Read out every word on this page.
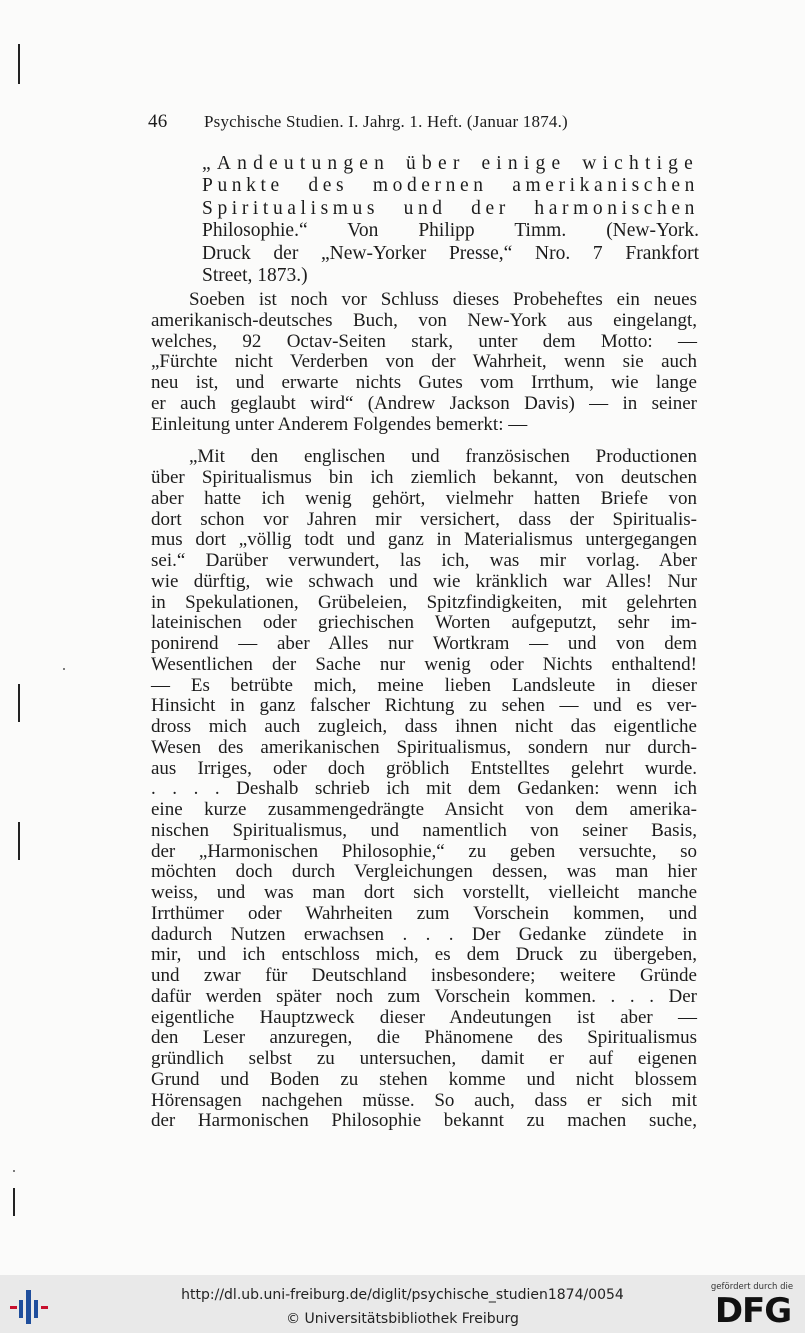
46 Psychische Studien. I. Jahrg. 1. Heft. (Januar 1874.)
„Andeutungen über einige wichtige
Punkte des modernen amerikanischen
Spiritualismus und der harmonischen
Philosophie.“ Von Philipp Timm. (New-York.
Druck der „New-Yorker Presse,“ Nro. 7 Frankfort
Street, 1873.)
Soeben ist noch vor Schluss dieses Probeheftes ein neues
amerikanisch-deutsches Buch, von New-York aus eingelangt,
welches, 92 Octav-Seiten stark, unter dem Motto: —
„Fürchte nicht Verderben von der Wahrheit, wenn sie auch
neu ist, und erwarte nichts Gutes vom Irrthum, wie lange
er auch geglaubt wird“ (Andrew Jackson Davis) — in seiner
Einleitung unter Anderem Folgendes bemerkt: —
„Mit den englischen und französischen Productionen
über Spiritualismus bin ich ziemlich bekannt, von deutschen
aber hatte ich wenig gehört, vielmehr hatten Briefe von
dort schon vor Jahren mir versichert, dass der Spiritualis-
mus dort „völlig todt und ganz in Materialismus untergegangen
sei.“ Darüber verwundert, las ich, was mir vorlag. Aber
wie dürftig, wie schwach und wie kränklich war Alles! Nur
in Spekulationen, Grübeleien, Spitzfindigkeiten, mit gelehrten
lateinischen oder griechischen Worten aufgeputzt, sehr im-
ponirend — aber Alles nur Wortkram — und von dem
Wesentlichen der Sache nur wenig oder Nichts enthaltend!
— Es betrübte mich, meine lieben Landsleute in dieser
Hinsicht in ganz falscher Richtung zu sehen — und es ver-
dross mich auch zugleich, dass ihnen nicht das eigentliche
Wesen des amerikanischen Spiritualismus, sondern nur durch-
aus Irriges, oder doch gröblich Entstelltes gelehrt wurde.
. . . . Deshalb schrieb ich mit dem Gedanken: wenn ich
eine kurze zusammengedrängte Ansicht von dem amerika-
nischen Spiritualismus, und namentlich von seiner Basis,
der „Harmonischen Philosophie,“ zu geben versuchte, so
möchten doch durch Vergleichungen dessen, was man hier
weiss, und was man dort sich vorstellt, vielleicht manche
Irrthümer oder Wahrheiten zum Vorschein kommen, und
dadurch Nutzen erwachsen . . . Der Gedanke zündete in
mir, und ich entschloss mich, es dem Druck zu übergeben,
und zwar für Deutschland insbesondere; weitere Gründe
dafür werden später noch zum Vorschein kommen. . . . Der
eigentliche Hauptzweck dieser Andeutungen ist aber —
den Leser anzuregen, die Phänomene des Spiritualismus
gründlich selbst zu untersuchen, damit er auf eigenen
Grund und Boden zu stehen komme und nicht blossem
Hörensagen nachgehen müsse. So auch, dass er sich mit
der Harmonischen Philosophie bekannt zu machen suche,
http://dl.ub.uni-freiburg.de/diglit/psychische_studien1874/0054
© Universitätsbibliothek Freiburg
gefördert durch die
DFG
